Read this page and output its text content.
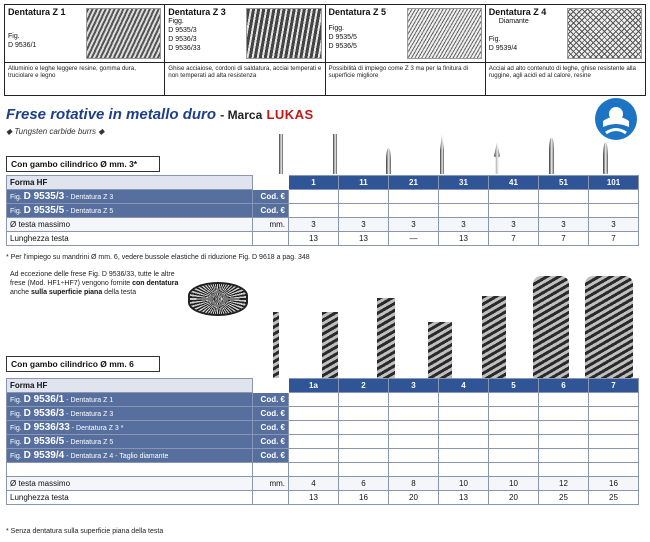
Dentatura Z 1
Fig.
D 9536/1
Alluminio e leghe leggere resine, gomma dura, truciolare e legno
Dentatura Z 3
Figg.
D 9535/3
D 9536/3
D 9536/33
Ghise acciaiose, cordoni di saldatura, acciai temperati e non temperati ad alta resistenza
Dentatura Z 5
Figg.
D 9535/5
D 9536/5
Possibilità di impiego come Z 3 ma per la finitura di superficie migliore
Dentatura Z 4
Diamante
Fig.
D 9539/4
Acciai ad alto contenuto di leghe, ghise resistente alla ruggine, agli acidi ed al calore, resine
Frese rotative in metallo duro - Marca LUKAS
◆ Tungsten carbide burrs ◆
Con gambo cilindrico Ø mm. 3*
Forma HF		1	11	21	31	41	51	101
Fig. D 9535/3 - Dentatura Z 3	Cod. €							
Fig. D 9535/5 - Dentatura Z 5	Cod. €							
Ø testa massimo	mm.	3	3	3	3	3	3	3
Lunghezza testa		13	13	—	13	7	7	7
* Per l'impiego su mandrini Ø mm. 6, vedere bussole elastiche di riduzione Fig. D 9618 a pag. 348
Ad eccezione delle frese Fig. D 9536/33, tutte le altre frese (Mod. HF1÷HF7) vengono fornite con dentatura anche sulla superficie piana della testa
Con gambo cilindrico Ø mm. 6
Forma HF		1a	2	3	4	5	6	7
Fig. D 9536/1 - Dentatura Z 1	Cod. €							
Fig. D 9536/3 - Dentatura Z 3	Cod. €							
Fig. D 9536/33 - Dentatura Z 3 *	Cod. €							
Fig. D 9536/5 - Dentatura Z 5	Cod. €							
Fig. D 9539/4 - Dentatura Z 4 - Taglio diamante	Cod. €							

Ø testa massimo	mm.	4	6	8	10	10	12	16
Lunghezza testa		13	16	20	13	20	25	25
* Senza dentatura sulla superficie piana della testa
